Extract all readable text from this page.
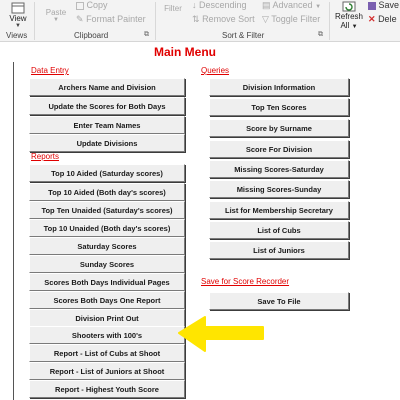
View
▼
Views
Paste
▼
Copy
✎ Format Painter
Clipboard	⧉
Filter	↓ Descending
⇅ Remove Sort
▤ Advanced ▼
▽ Toggle Filter
Sort & Filter	⧉
Refresh
All ▼
Save
✕ Dele
Main Menu
Data Entry
Reports
Queries
Save for Score Recorder
Archers Name and Division
Update the Scores for Both Days
Enter Team Names
Update Divisions
Top 10 Aided (Saturday scores)
Top 10 Aided (Both day's scores)
Top Ten Unaided (Saturday's scores)
Top 10 Unaided (Both day's scores)
Saturday Scores
Sunday Scores
Scores Both Days Individual Pages
Scores Both Days One Report
Division Print Out
Shooters with 100's
Report - List of Cubs at Shoot
Report - List of Juniors at Shoot
Report - Highest Youth Score
Division Information
Top Ten Scores
Score by Surname
Score For Division
Missing Scores-Saturday
Missing Scores-Sunday
List for Membership Secretary
List of Cubs
List of Juniors
Save To File
